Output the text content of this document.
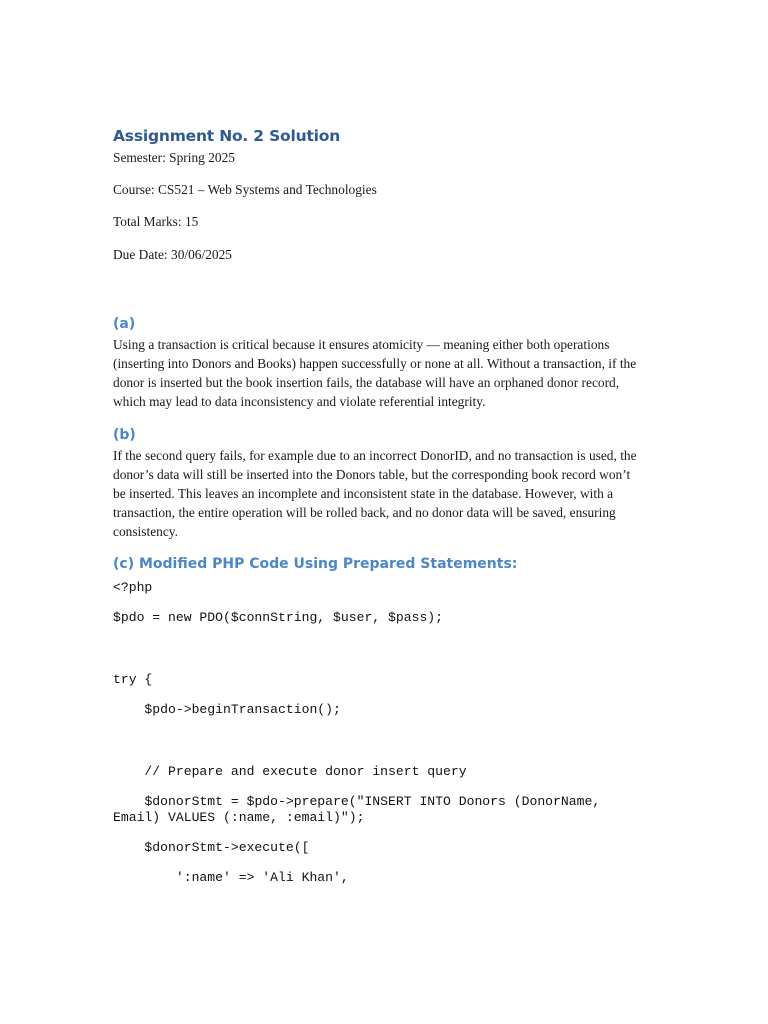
Assignment No. 2 Solution

Semester: Spring 2025

Course: CS521 – Web Systems and Technologies

Total Marks: 15

Due Date: 30/06/2025

(a)

Using a transaction is critical because it ensures atomicity — meaning either both operations (inserting into Donors and Books) happen successfully or none at all. Without a transaction, if the donor is inserted but the book insertion fails, the database will have an orphaned donor record, which may lead to data inconsistency and violate referential integrity.

(b)

If the second query fails, for example due to an incorrect DonorID, and no transaction is used, the donor’s data will still be inserted into the Donors table, but the corresponding book record won’t be inserted. This leaves an incomplete and inconsistent state in the database. However, with a transaction, the entire operation will be rolled back, and no donor data will be saved, ensuring consistency.

(c) Modified PHP Code Using Prepared Statements:
<?php
$pdo = new PDO($connString, $user, $pass);
try {
$pdo->beginTransaction();
// Prepare and execute donor insert query
$donorStmt = $pdo->prepare("INSERT INTO Donors (DonorName, Email) VALUES (:name, :email)");
$donorStmt->execute([
':name' => 'Ali Khan',
